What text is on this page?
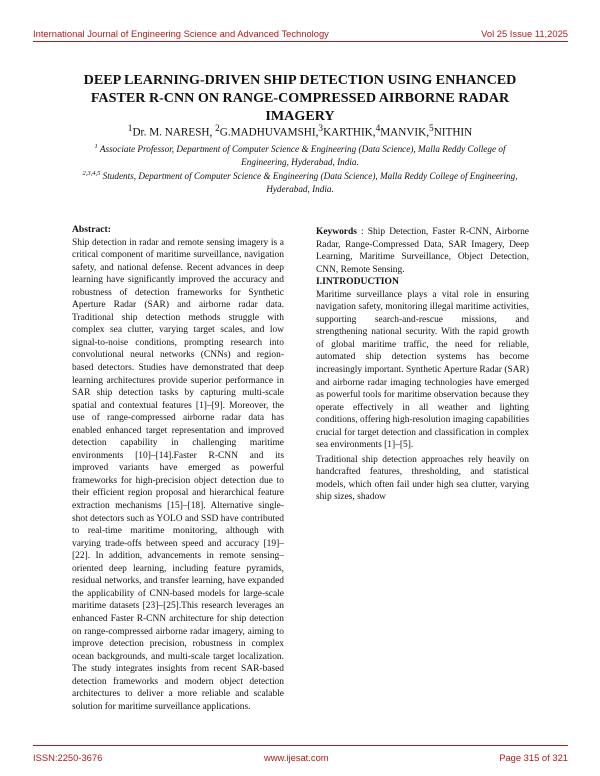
International Journal of Engineering Science and Advanced Technology	Vol 25 Issue 11,2025
DEEP LEARNING-DRIVEN SHIP DETECTION USING ENHANCED FASTER R-CNN ON RANGE-COMPRESSED AIRBORNE RADAR IMAGERY
$^1$Dr. M. NARESH, $^2$G.MADHUVAMSHI,$^3$KARTHIK,$^4$MANVIK,$^5$NITHIN
$^1$ Associate Professor, Department of Computer Science & Engineering (Data Science), Malla Reddy College of Engineering, Hyderabad, India.
$^{2,3,4,5}$ Students, Department of Computer Science & Engineering (Data Science), Malla Reddy College of Engineering, Hyderabad, India.
Abstract:

Ship detection in radar and remote sensing imagery is a critical component of maritime surveillance, navigation safety, and national defense. Recent advances in deep learning have significantly improved the accuracy and robustness of detection frameworks for Synthetic Aperture Radar (SAR) and airborne radar data. Traditional ship detection methods struggle with complex sea clutter, varying target scales, and low signal-to-noise conditions, prompting research into convolutional neural networks (CNNs) and region-based detectors. Studies have demonstrated that deep learning architectures provide superior performance in SAR ship detection tasks by capturing multi-scale spatial and contextual features [1]–[9]. Moreover, the use of range-compressed airborne radar data has enabled enhanced target representation and improved detection capability in challenging maritime environments [10]–[14].Faster R-CNN and its improved variants have emerged as powerful frameworks for high-precision object detection due to their efficient region proposal and hierarchical feature extraction mechanisms [15]–[18]. Alternative single-shot detectors such as YOLO and SSD have contributed to real-time maritime monitoring, although with varying trade-offs between speed and accuracy [19]–[22]. In addition, advancements in remote sensing–oriented deep learning, including feature pyramids, residual networks, and transfer learning, have expanded the applicability of CNN-based models for large-scale maritime datasets [23]–[25].This research leverages an enhanced Faster R-CNN architecture for ship detection on range-compressed airborne radar imagery, aiming to improve detection precision, robustness in complex ocean backgrounds, and multi-scale target localization. The study integrates insights from recent SAR-based detection frameworks and modern object detection architectures to deliver a more reliable and scalable solution for maritime surveillance applications.

Keywords : Ship Detection, Faster R-CNN, Airborne Radar, Range-Compressed Data, SAR Imagery, Deep Learning, Maritime Surveillance, Object Detection, CNN, Remote Sensing.

I.INTRODUCTION

Maritime surveillance plays a vital role in ensuring navigation safety, monitoring illegal maritime activities, supporting search-and-rescue missions, and strengthening national security. With the rapid growth of global maritime traffic, the need for reliable, automated ship detection systems has become increasingly important. Synthetic Aperture Radar (SAR) and airborne radar imaging technologies have emerged as powerful tools for maritime observation because they operate effectively in all weather and lighting conditions, offering high-resolution imaging capabilities crucial for target detection and classification in complex sea environments [1]–[5].

Traditional ship detection approaches rely heavily on handcrafted features, thresholding, and statistical models, which often fail under high sea clutter, varying ship sizes, shadow

ISSN:2250-3676	www.ijesat.com	Page 315 of 321
